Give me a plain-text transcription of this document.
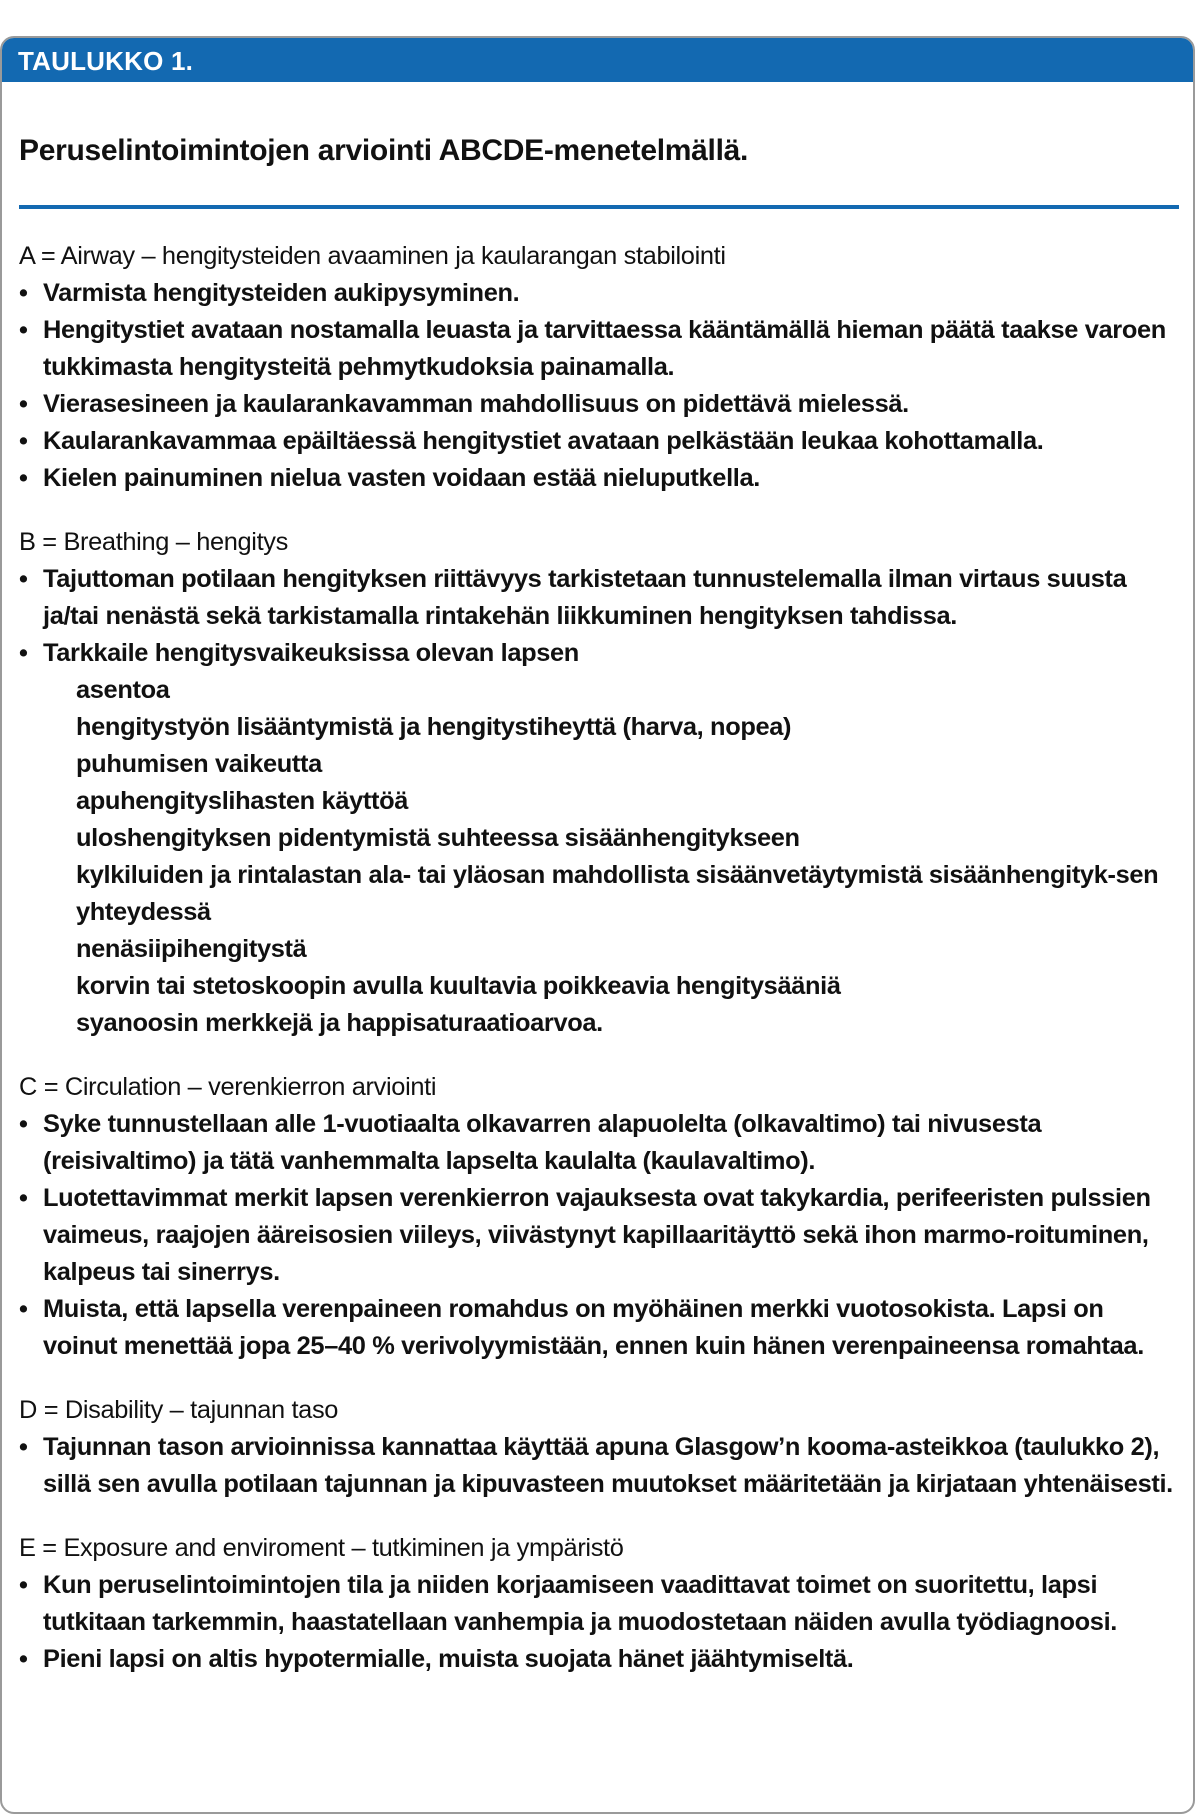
TAULUKKO 1.
Peruselintoimintojen arviointi ABCDE-menetelmällä.
A = Airway – hengitysteiden avaaminen ja kaularangan stabilointi
• Varmista hengitysteiden aukipysyminen.
• Hengitystiet avataan nostamalla leuasta ja tarvittaessa kääntämällä hieman päätä taakse varoen tukkimasta hengitysteitä pehmytkudoksia painamalla.
• Vierasesineen ja kaularankavamman mahdollisuus on pidettävä mielessä.
• Kaularankavammaa epäiltäessä hengitystiet avataan pelkästään leukaa kohottamalla.
• Kielen painuminen nielua vasten voidaan estää nieluputkella.
B = Breathing – hengitys
• Tajuttoman potilaan hengityksen riittävyys tarkistetaan tunnustelemalla ilman virtaus suusta ja/tai nenästä sekä tarkistamalla rintakehän liikkuminen hengityksen tahdissa.
• Tarkkaile hengitysvaikeuksissa olevan lapsen
asentoa
hengitystyön lisääntymistä ja hengitystiheyttä (harva, nopea)
puhumisen vaikeutta
apuhengityslihasten käyttöä
uloshengityksen pidentymistä suhteessa sisäänhengitykseen
kylkiluiden ja rintalastan ala- tai yläosan mahdollista sisäänvetäytymistä sisäänhengityk-sen yhteydessä
nenäsiipihengitystä
korvin tai stetoskoopin avulla kuultavia poikkeavia hengitysääniä
syanoosin merkkejä ja happisaturaatioarvoa.
C = Circulation – verenkierron arviointi
• Syke tunnustellaan alle 1-vuotiaalta olkavarren alapuolelta (olkavaltimo) tai nivusesta (reisivaltimo) ja tätä vanhemmalta lapselta kaulalta (kaulavaltimo).
• Luotettavimmat merkit lapsen verenkierron vajauksesta ovat takykardia, perifeeristen pulssien vaimeus, raajojen ääreisosien viileys, viivästynyt kapillaaritäyttö sekä ihon marmo-roituminen, kalpeus tai sinerrys.
• Muista, että lapsella verenpaineen romahdus on myöhäinen merkki vuotosokista. Lapsi on voinut menettää jopa 25–40 % verivolyymistään, ennen kuin hänen verenpaineensa romahtaa.
D = Disability – tajunnan taso
• Tajunnan tason arvioinnissa kannattaa käyttää apuna Glasgow’n kooma-asteikkoa (taulukko 2), sillä sen avulla potilaan tajunnan ja kipuvasteen muutokset määritetään ja kirjataan yhtenäisesti.
E = Exposure and enviroment – tutkiminen ja ympäristö
• Kun peruselintoimintojen tila ja niiden korjaamiseen vaadittavat toimet on suoritettu, lapsi tutkitaan tarkemmin, haastatellaan vanhempia ja muodostetaan näiden avulla työdiagnoosi.
• Pieni lapsi on altis hypotermialle, muista suojata hänet jäähtymiseltä.
